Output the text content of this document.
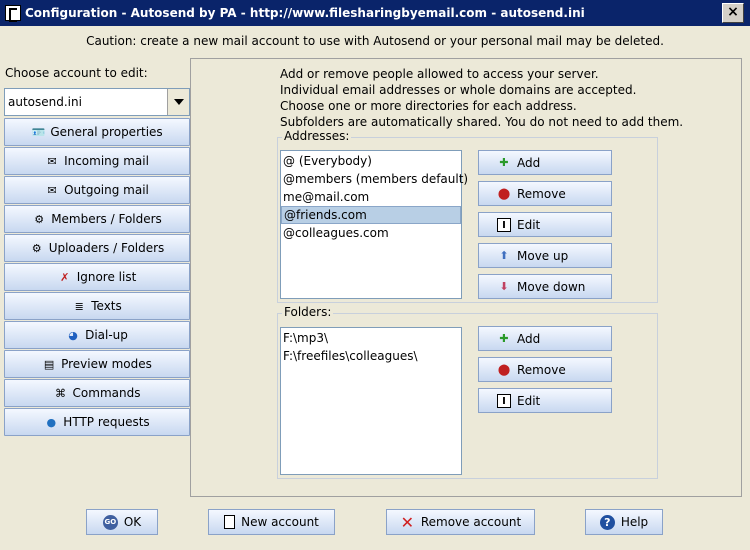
Configuration - Autosend by PA - http://www.filesharingbyemail.com - autosend.ini	×
Caution: create a new mail account to use with Autosend or your personal mail may be deleted.
Choose account to edit:
autosend.ini
🪪 General properties
✉ Incoming mail
✉ Outgoing mail
⚙ Members / Folders
⚙ Uploaders / Folders
✗ Ignore list
≣ Texts
◕ Dial-up
▤ Preview modes
⌘ Commands
● HTTP requests
Add or remove people allowed to access your server.
Individual email addresses or whole domains are accepted.
Choose one or more directories for each address.
Subfolders are automatically shared. You do not need to add them.
Addresses:
@ (Everybody)
@members (members default)
me@mail.com
@friends.com
@colleagues.com
✚ Add
⬤ Remove
I Edit
⬆ Move up
⬇ Move down
Folders:
F:\mp3\
F:\freefiles\colleagues\
✚ Add
⬤ Remove
I Edit
GO OK	New account	✕ Remove account	? Help
